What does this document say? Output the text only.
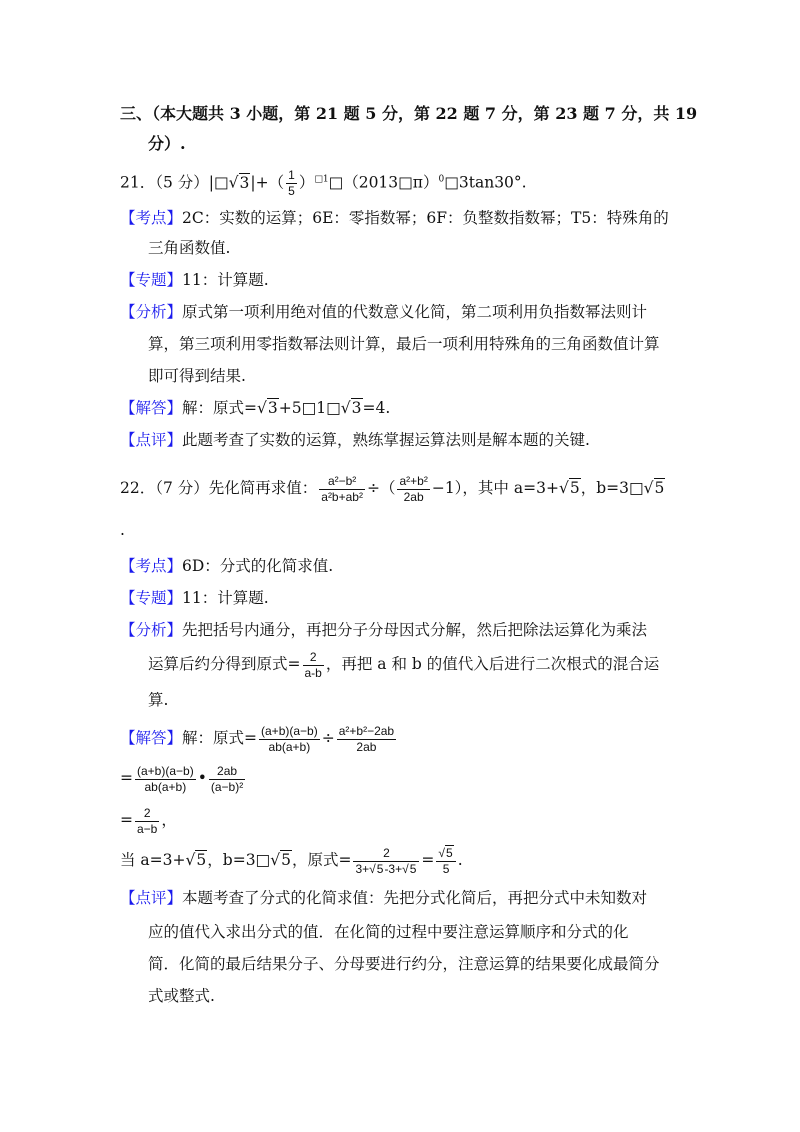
三、（本大题共 3 小题，第 21 题 5 分，第 22 题 7 分，第 23 题 7 分，共 19
分）.
21．（5 分）|□√3|+（ $\frac{1}{5}$ ）$^{□1}$□（2013□π）$^0$□3tan30°.
【考点】2C：实数的运算；6E：零指数幂；6F：负整数指数幂；T5：特殊角的
三角函数值.
【专题】11：计算题.
【分析】原式第一项利用绝对值的代数意义化简，第二项利用负指数幂法则计
算，第三项利用零指数幂法则计算，最后一项利用特殊角的三角函数值计算
即可得到结果.
【解答】解：原式=√3+5□1□√3=4.
【点评】此题考查了实数的运算，熟练掌握运算法则是解本题的关键.
22．（7 分）先化简再求值： $\frac{\text{a²−b²}}{\text{a²b+ab²}}$ ÷（ $\frac{\text{a²+b²}}{2ab} -1$），其中 a=3+√5，b=3□√5
.
【考点】6D：分式的化简求值.
【专题】11：计算题.
【分析】先把括号内通分，再把分子分母因式分解，然后把除法运算化为乘法
运算后约分得到原式= $\frac{2}{a-b}$ ，再把 a 和 b 的值代入后进行二次根式的混合运
算.
【解答】解：原式= $\frac{(a+b)(a-b)}{ab(a+b)} \div \frac{\text{a²+b²−2ab}}{2ab}$
= $\frac{(a+b)(a-b)}{ab(a+b)}$ • $\frac{2ab}{\text{(a−b)²}}$
= $\frac{2}{a-b}$ ，
当 a=3+√5，b=3□√5，原式= $\frac{2}{3+√5-3+√5} = \frac{√5}{5}$ .
【点评】本题考查了分式的化简求值：先把分式化简后，再把分式中未知数对
应的值代入求出分式的值．在化简的过程中要注意运算顺序和分式的化
简．化简的最后结果分子、分母要进行约分，注意运算的结果要化成最简分
式或整式.
